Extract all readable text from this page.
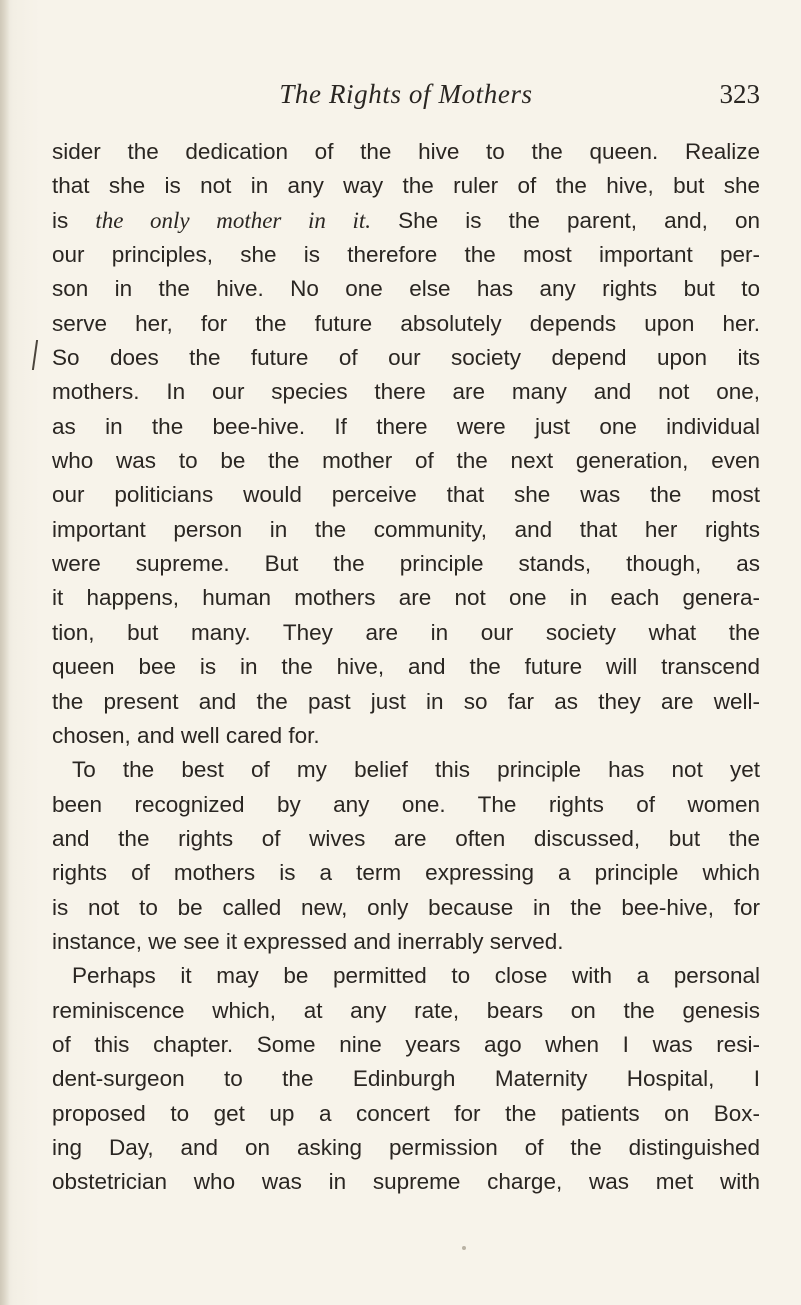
The Rights of Mothers	323
sider the dedication of the hive to the queen. Realize
that she is not in any way the ruler of the hive, but she
is the only mother in it. She is the parent, and, on
our principles, she is therefore the most important per-
son in the hive. No one else has any rights but to
serve her, for the future absolutely depends upon her.
So does the future of our society depend upon its
mothers. In our species there are many and not one,
as in the bee-hive. If there were just one individual
who was to be the mother of the next generation, even
our politicians would perceive that she was the most
important person in the community, and that her rights
were supreme. But the principle stands, though, as
it happens, human mothers are not one in each genera-
tion, but many. They are in our society what the
queen bee is in the hive, and the future will transcend
the present and the past just in so far as they are well-
chosen, and well cared for.
To the best of my belief this principle has not yet
been recognized by any one. The rights of women
and the rights of wives are often discussed, but the
rights of mothers is a term expressing a principle which
is not to be called new, only because in the bee-hive, for
instance, we see it expressed and inerrably served.
Perhaps it may be permitted to close with a personal
reminiscence which, at any rate, bears on the genesis
of this chapter. Some nine years ago when I was resi-
dent-surgeon to the Edinburgh Maternity Hospital, I
proposed to get up a concert for the patients on Box-
ing Day, and on asking permission of the distinguished
obstetrician who was in supreme charge, was met with
